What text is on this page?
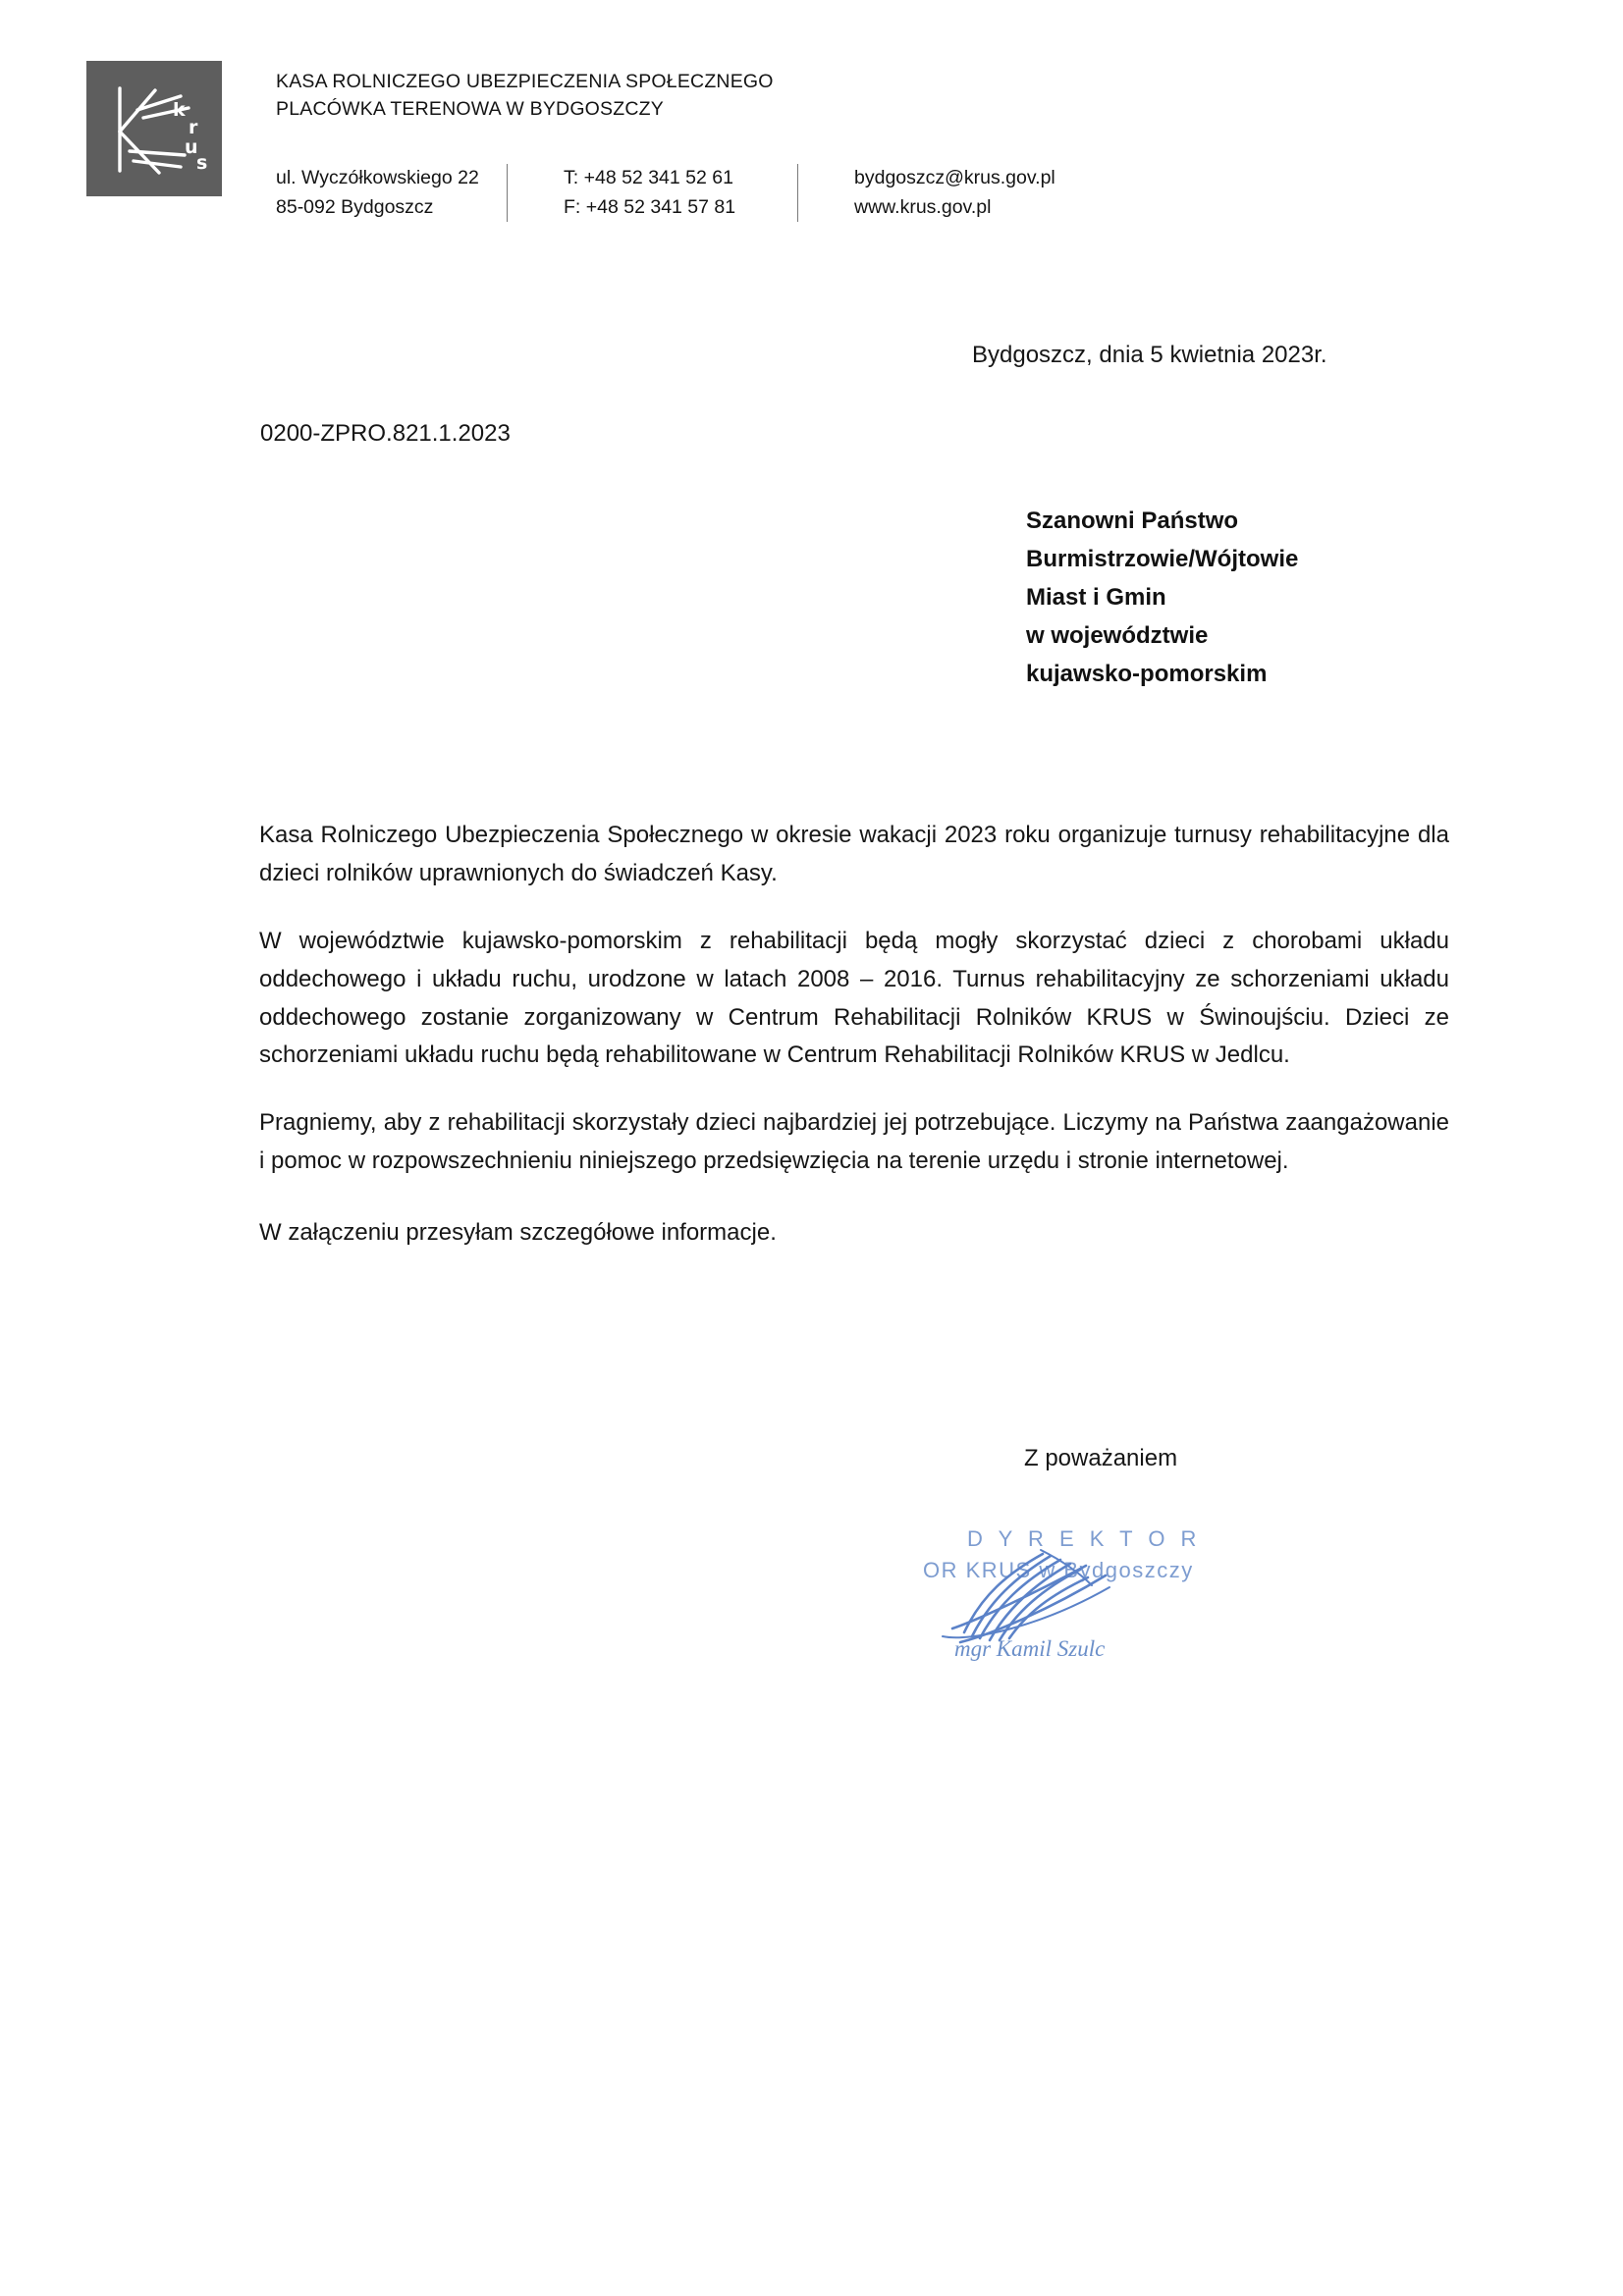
k
r
u
s
KASA ROLNICZEGO UBEZPIECZENIA SPOŁECZNEGO
PLACÓWKA TERENOWA W BYDGOSZCZY
ul. Wyczółkowskiego 22
85-092 Bydgoszcz
T: +48 52 341 52 61
F: +48 52 341 57 81
bydgoszcz@krus.gov.pl
www.krus.gov.pl
Bydgoszcz, dnia 5 kwietnia 2023r.
0200-ZPRO.821.1.2023
Szanowni Państwo
Burmistrzowie/Wójtowie
Miast i Gmin
w województwie
kujawsko-pomorskim

Kasa Rolniczego Ubezpieczenia Społecznego w okresie wakacji 2023 roku organizuje turnusy rehabilitacyjne dla dzieci rolników uprawnionych do świadczeń Kasy.

W województwie kujawsko-pomorskim z rehabilitacji będą mogły skorzystać dzieci z chorobami układu oddechowego i układu ruchu, urodzone w latach 2008 – 2016. Turnus rehabilitacyjny ze schorzeniami układu oddechowego zostanie zorganizowany w Centrum Rehabilitacji Rolników KRUS w Świnoujściu. Dzieci ze schorzeniami układu ruchu będą rehabilitowane w Centrum Rehabilitacji Rolników KRUS w Jedlcu.

Pragniemy, aby z rehabilitacji skorzystały dzieci najbardziej jej potrzebujące. Liczymy na Państwa zaangażowanie i pomoc w rozpowszechnieniu niniejszego przedsięwzięcia na terenie urzędu i stronie internetowej.

W załączeniu przesyłam szczegółowe informacje.

Z poważaniem
D Y R E K T O R
OR KRUS w Bydgoszczy
mgr Kamil Szulc
